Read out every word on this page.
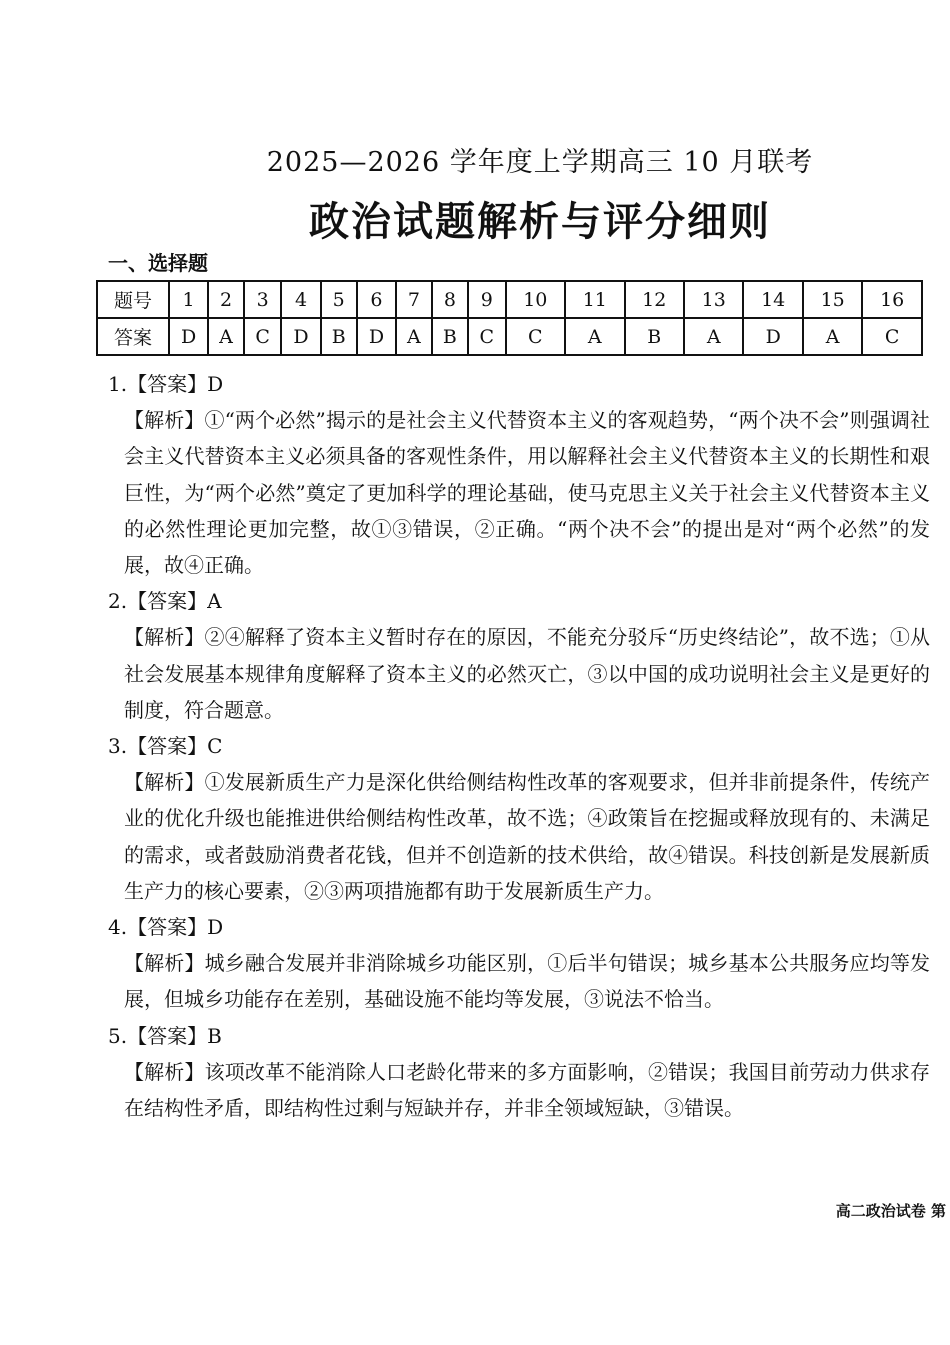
2025—2026 学年度上学期高三 10 月联考
政治试题解析与评分细则
一、选择题
题号	1	2	3	4	5	6	7	8	9	10	11	12	13	14	15	16
答案	D	A	C	D	B	D	A	B	C	C	A	B	A	D	A	C

1.【答案】D

【解析】①“两个必然”揭示的是社会主义代替资本主义的客观趋势，“两个决不会”则强调社会主义代替资本主义必须具备的客观性条件，用以解释社会主义代替资本主义的长期性和艰巨性，为“两个必然”奠定了更加科学的理论基础，使马克思主义关于社会主义代替资本主义的必然性理论更加完整，故①③错误，②正确。“两个决不会”的提出是对“两个必然”的发展，故④正确。

2.【答案】A

【解析】②④解释了资本主义暂时存在的原因，不能充分驳斥“历史终结论”，故不选；①从社会发展基本规律角度解释了资本主义的必然灭亡，③以中国的成功说明社会主义是更好的制度，符合题意。

3.【答案】C

【解析】①发展新质生产力是深化供给侧结构性改革的客观要求，但并非前提条件，传统产业的优化升级也能推进供给侧结构性改革，故不选；④政策旨在挖掘或释放现有的、未满足的需求，或者鼓励消费者花钱，但并不创造新的技术供给，故④错误。科技创新是发展新质生产力的核心要素，②③两项措施都有助于发展新质生产力。

4.【答案】D

【解析】城乡融合发展并非消除城乡功能区别，①后半句错误；城乡基本公共服务应均等发展，但城乡功能存在差别，基础设施不能均等发展，③说法不恰当。

5.【答案】B

【解析】该项改革不能消除人口老龄化带来的多方面影响，②错误；我国目前劳动力供求存在结构性矛盾，即结构性过剩与短缺并存，并非全领域短缺，③错误。

高二政治试卷 第
